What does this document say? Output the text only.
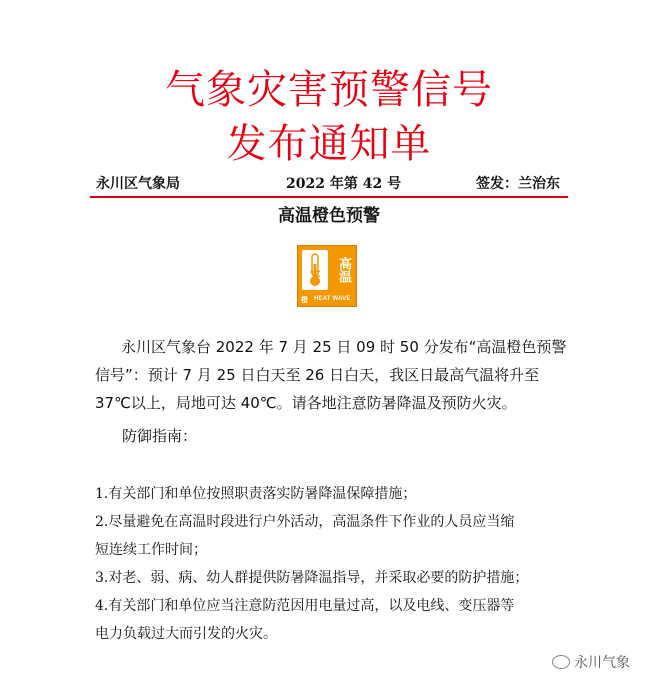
气象灾害预警信号
发布通知单
永川区气象局	2022 年第 42 号	签发：兰治东
高温橙色预警
°C	高温
橙 HEAT WAVE
永川区气象台 2022 年 7 月 25 日 09 时 50 分发布“高温橙色预警
信号”：预计 7 月 25 日白天至 26 日白天，我区日最高气温将升至
37℃以上，局地可达 40℃。请各地注意防暑降温及预防火灾。
防御指南：
1.有关部门和单位按照职责落实防暑降温保障措施；
2.尽量避免在高温时段进行户外活动，高温条件下作业的人员应当缩
短连续工作时间；
3.对老、弱、病、幼人群提供防暑降温指导，并采取必要的防护措施；
4.有关部门和单位应当注意防范因用电量过高，以及电线、变压器等
电力负载过大而引发的火灾。
永川气象
